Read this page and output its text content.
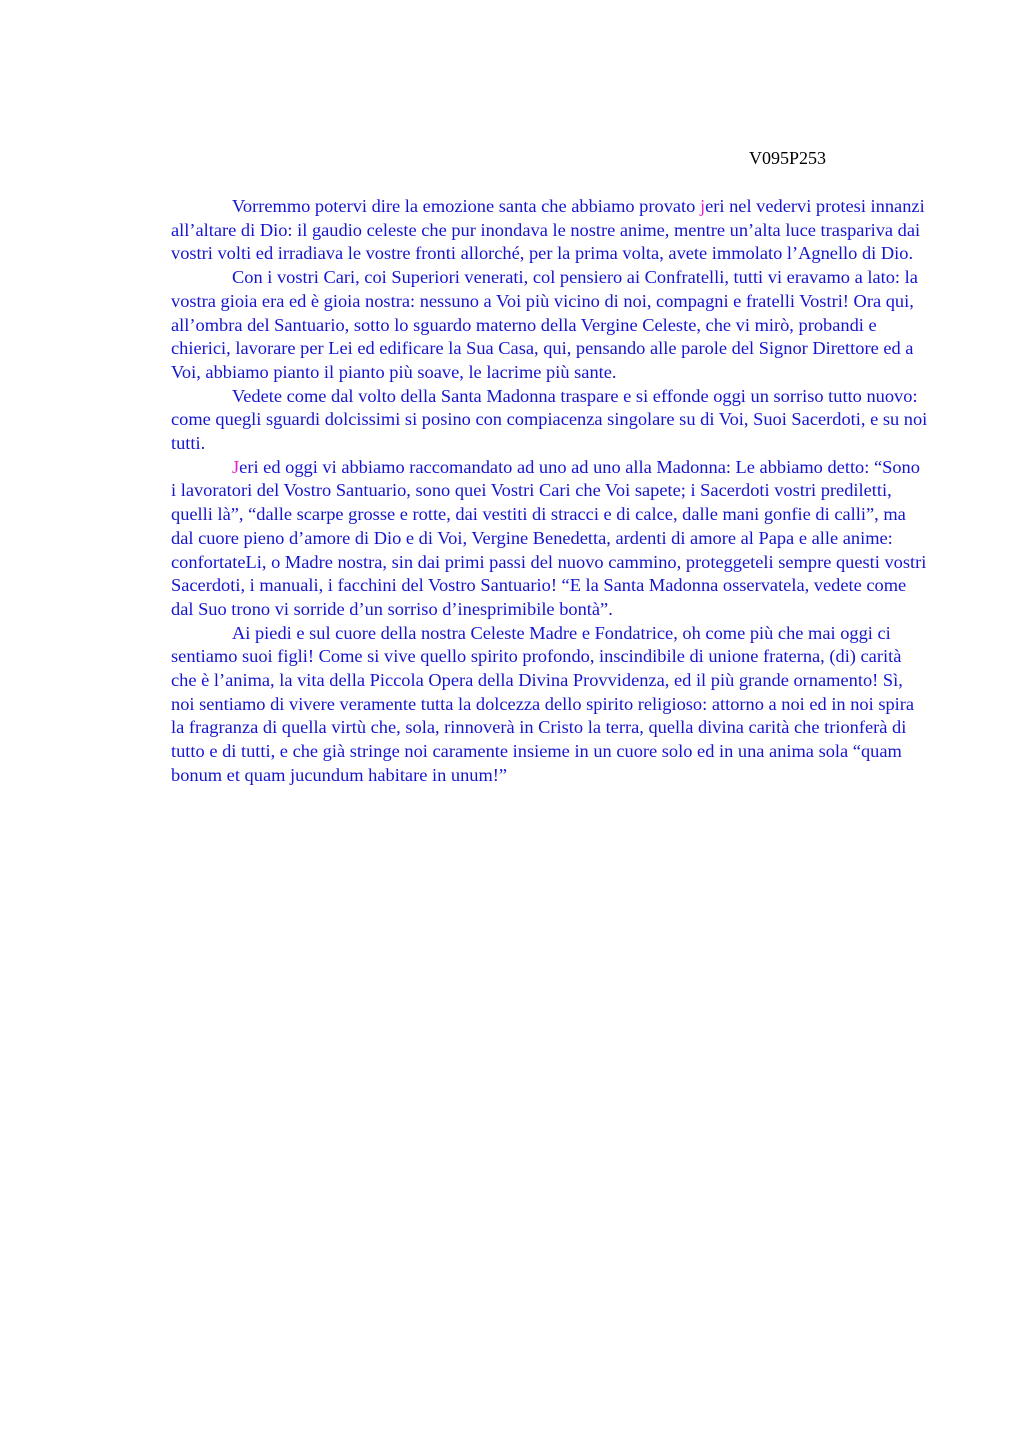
V095P253

Vorremmo potervi dire la emozione santa che abbiamo provato jeri nel vedervi protesi innanzi all’altare di Dio: il gaudio celeste che pur inondava le nostre anime, mentre un’alta luce traspariva dai vostri volti ed irradiava le vostre fronti allorché, per la prima volta, avete immolato l’Agnello di Dio.

Con i vostri Cari, coi Superiori venerati, col pensiero ai Confratelli, tutti vi eravamo a lato: la vostra gioia era ed è gioia nostra: nessuno a Voi più vicino di noi, compagni e fratelli Vostri! Ora qui, all’ombra del Santuario, sotto lo sguardo materno della Vergine Celeste, che vi mirò, probandi e chierici, lavorare per Lei ed edificare la Sua Casa, qui, pensando alle parole del Signor Direttore ed a Voi, abbiamo pianto il pianto più soave, le lacrime più sante.

Vedete come dal volto della Santa Madonna traspare e si effonde oggi un sorriso tutto nuovo: come quegli sguardi dolcissimi si posino con compiacenza singolare su di Voi, Suoi Sacerdoti, e su noi tutti.

Jeri ed oggi vi abbiamo raccomandato ad uno ad uno alla Madonna: Le abbiamo detto: “Sono i lavoratori del Vostro Santuario, sono quei Vostri Cari che Voi sapete; i Sacerdoti vostri prediletti, quelli là”, “dalle scarpe grosse e rotte, dai vestiti di stracci e di calce, dalle mani gonfie di calli”, ma dal cuore pieno d’amore di Dio e di Voi, Vergine Benedetta, ardenti di amore al Papa e alle anime: confortateLi, o Madre nostra, sin dai primi passi del nuovo cammino, proteggeteli sempre questi vostri Sacerdoti, i manuali, i facchini del Vostro Santuario! “E la Santa Madonna osservatela, vedete come dal Suo trono vi sorride d’un sorriso d’inesprimibile bontà”.

Ai piedi e sul cuore della nostra Celeste Madre e Fondatrice, oh come più che mai oggi ci sentiamo suoi figli! Come si vive quello spirito profondo, inscindibile di unione fraterna, (di) carità che è l’anima, la vita della Piccola Opera della Divina Provvidenza, ed il più grande ornamento! Sì, noi sentiamo di vivere veramente tutta la dolcezza dello spirito religioso: attorno a noi ed in noi spira la fragranza di quella virtù che, sola, rinnoverà in Cristo la terra, quella divina carità che trionferà di tutto e di tutti, e che già stringe noi caramente insieme in un cuore solo ed in una anima sola “quam bonum et quam jucundum habitare in unum!”
